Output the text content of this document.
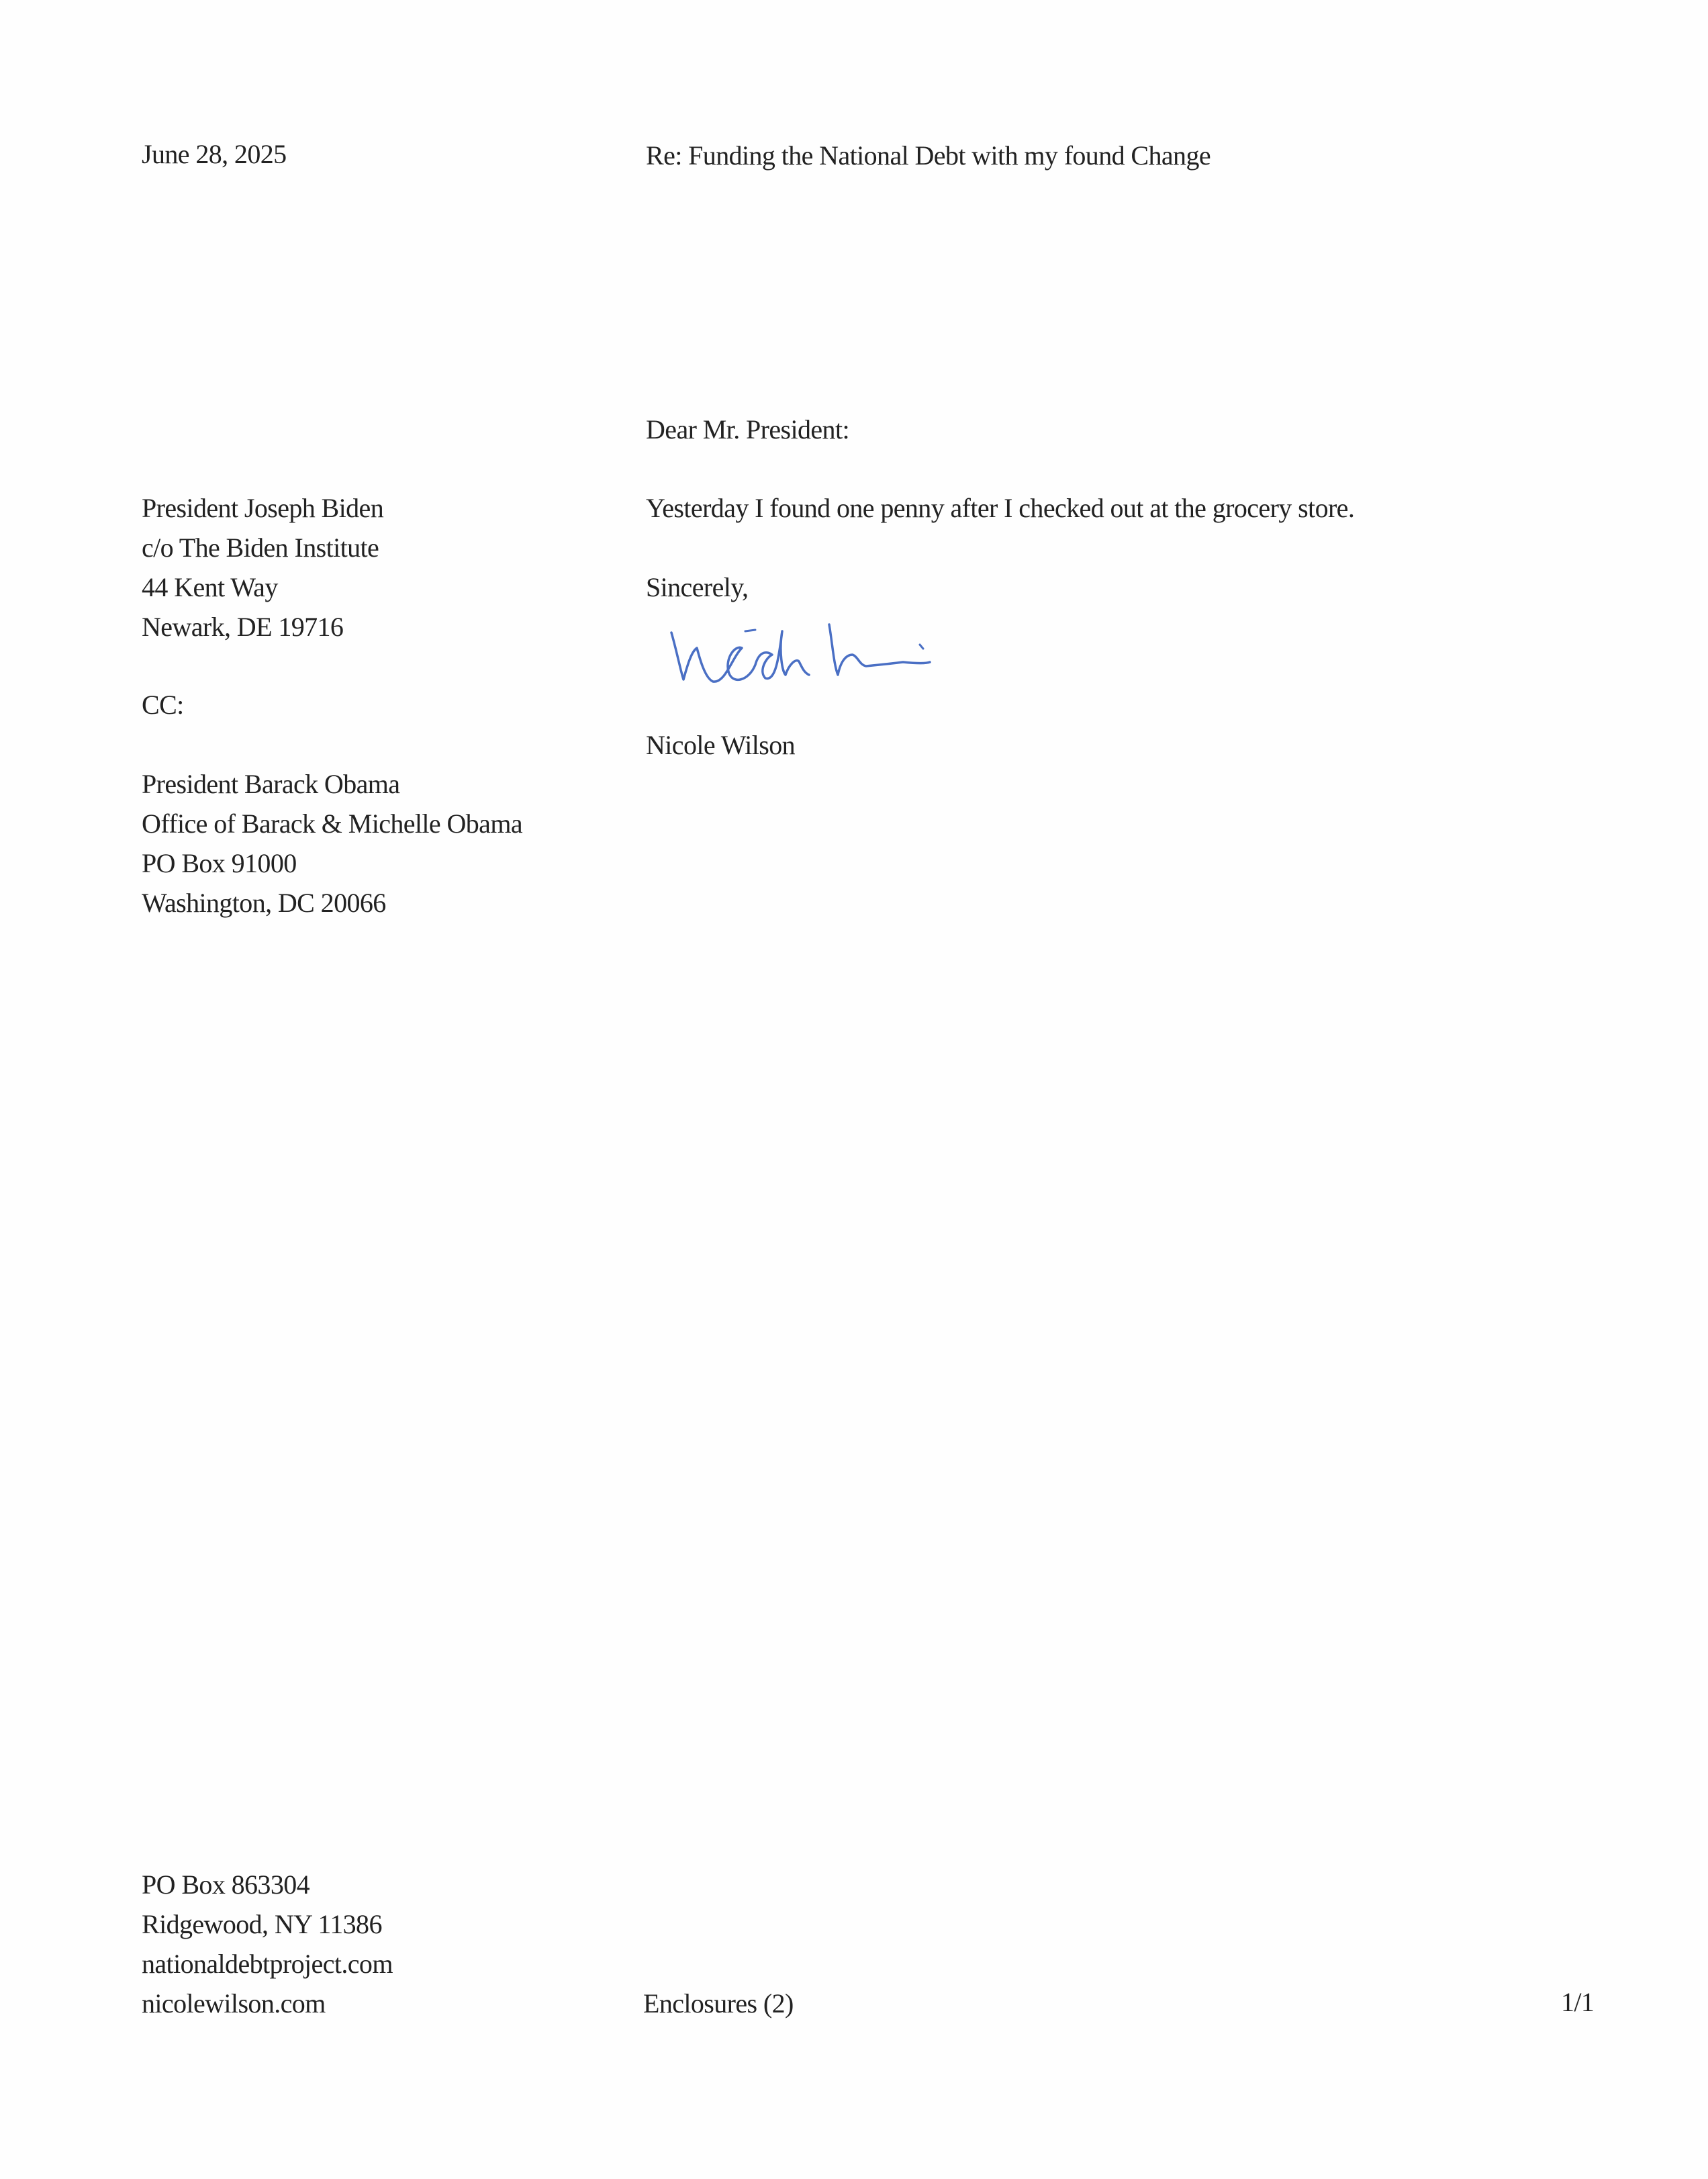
June 28, 2025	Re: Funding the National Debt with my found Change
Dear Mr. President:
President Joseph Biden
c/o The Biden Institute
44 Kent Way
Newark, DE 19716
CC:
President Barack Obama
Office of Barack & Michelle Obama
PO Box 91000
Washington, DC 20066
Yesterday I found one penny after I checked out at the grocery store.
Sincerely,
Nicole Wilson
PO Box 863304
Ridgewood, NY 11386
nationaldebtproject.com
nicolewilson.com	Enclosures (2)	1/1
